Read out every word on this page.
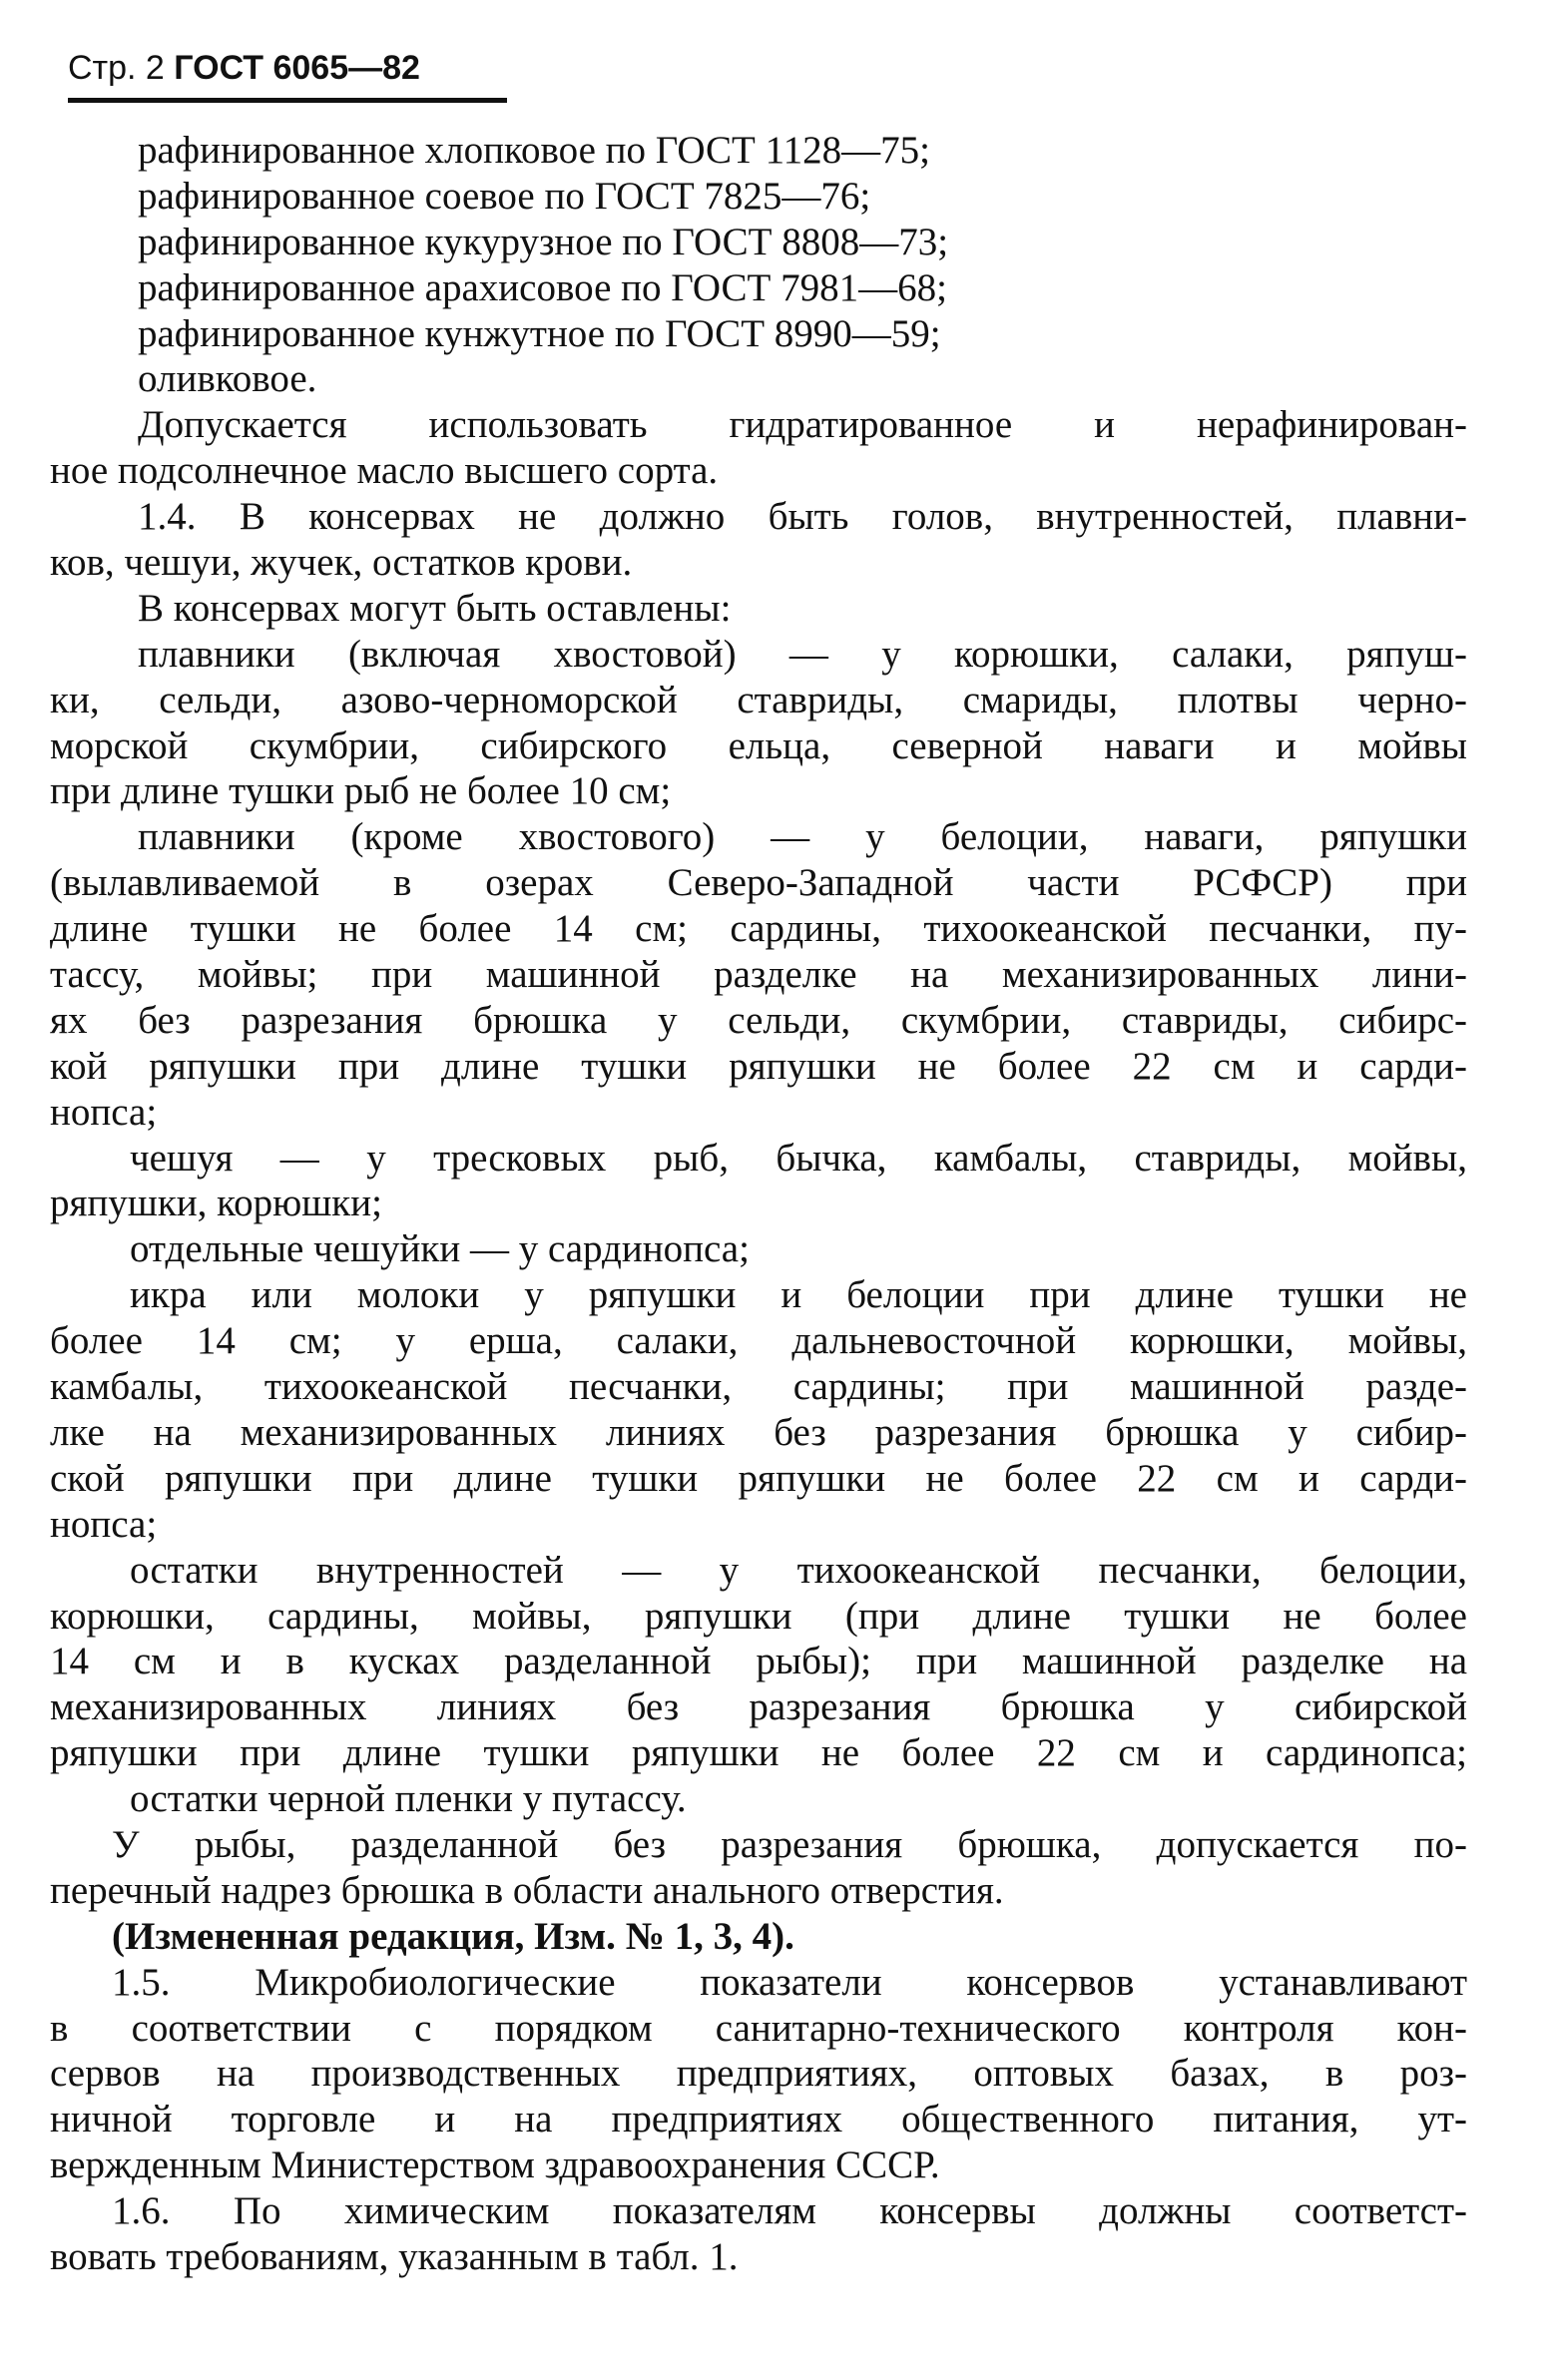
Стр. 2 ГОСТ 6065—82
рафинированное хлопковое по ГОСТ 1128—75;
рафинированное соевое по ГОСТ 7825—76;
рафинированное кукурузное по ГОСТ 8808—73;
рафинированное арахисовое по ГОСТ 7981—68;
рафинированное кунжутное по ГОСТ 8990—59;
оливковое.
Допускается использовать гидратированное и нерафинирован-
ное подсолнечное масло высшего сорта.
1.4. В консервах не должно быть голов, внутренностей, плавни-
ков, чешуи, жучек, остатков крови.
В консервах могут быть оставлены:
плавники (включая хвостовой) — у корюшки, салаки, ряпуш-
ки, сельди, азово-черноморской ставриды, смариды, плотвы черно-
морской скумбрии, сибирского ельца, северной наваги и мойвы
при длине тушки рыб не более 10 см;
плавники (кроме хвостового) — у белоции, наваги, ряпушки
(вылавливаемой в озерах Северо-Западной части РСФСР) при
длине тушки не более 14 см; сардины, тихоокеанской песчанки, пу-
тассу, мойвы; при машинной разделке на механизированных лини-
ях без разрезания брюшка у сельди, скумбрии, ставриды, сибирс-
кой ряпушки при длине тушки ряпушки не более 22 см и сарди-
нопса;
чешуя — у тресковых рыб, бычка, камбалы, ставриды, мойвы,
ряпушки, корюшки;
отдельные чешуйки — у сардинопса;
икра или молоки у ряпушки и белоции при длине тушки не
более 14 см; у ерша, салаки, дальневосточной корюшки, мойвы,
камбалы, тихоокеанской песчанки, сардины; при машинной разде-
лке на механизированных линиях без разрезания брюшка у сибир-
ской ряпушки при длине тушки ряпушки не более 22 см и сарди-
нопса;
остатки внутренностей — у тихоокеанской песчанки, белоции,
корюшки, сардины, мойвы, ряпушки (при длине тушки не более
14 см и в кусках разделанной рыбы); при машинной разделке на
механизированных линиях без разрезания брюшка у сибирской
ряпушки при длине тушки ряпушки не более 22 см и сардинопса;
остатки черной пленки у путассу.
У рыбы, разделанной без разрезания брюшка, допускается по-
перечный надрез брюшка в области анального отверстия.
(Измененная редакция, Изм. № 1, 3, 4).
1.5. Микробиологические показатели консервов устанавливают
в соответствии с порядком санитарно-технического контроля кон-
сервов на производственных предприятиях, оптовых базах, в роз-
ничной торговле и на предприятиях общественного питания, ут-
вержденным Министерством здравоохранения СССР.
1.6. По химическим показателям консервы должны соответст-
вовать требованиям, указанным в табл. 1.
